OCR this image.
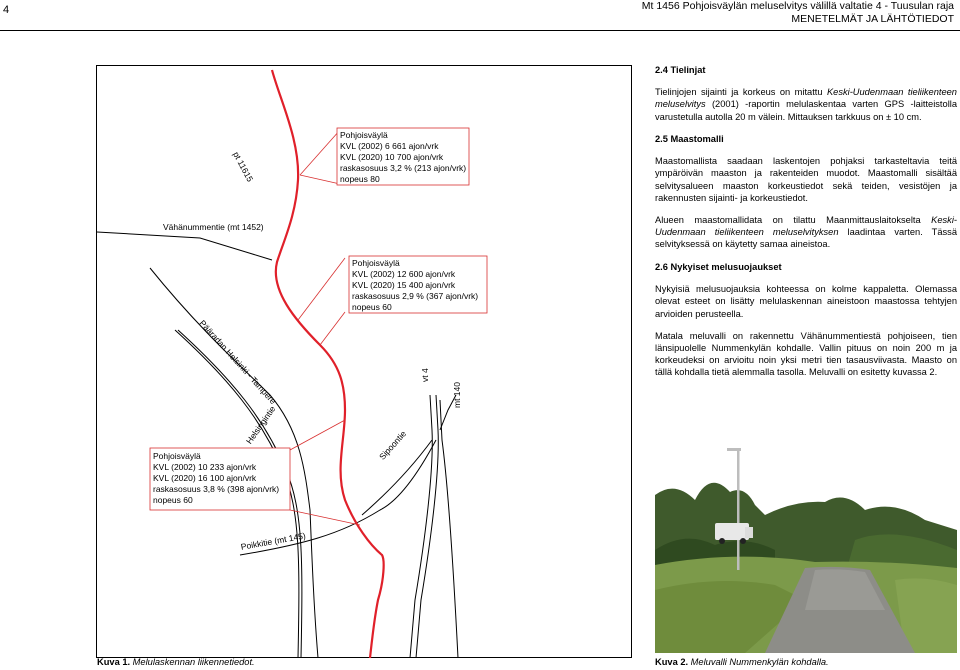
4	Mt 1456 Pohjoisväylän meluselvitys välillä valtatie 4 - Tuusulan raja
MENETELMÄT JA LÄHTÖTIEDOT
pt 11615
Vähänummentie (mt 1452)
Pääradan Helsinki - Tampere	vt 4
mt 140
Helsingintie	Sipoontie
Poikkitie (mt 145)
Pohjoisväylä
KVL (2002) 6 661 ajon/vrk
KVL (2020) 10 700 ajon/vrk
raskasosuus 3,2 % (213 ajon/vrk)
nopeus 80
Pohjoisväylä
KVL (2002) 12 600 ajon/vrk
KVL (2020) 15 400 ajon/vrk
raskasosuus 2,9 % (367 ajon/vrk)
nopeus 60
Pohjoisväylä
KVL (2002) 10 233 ajon/vrk
KVL (2020) 16 100 ajon/vrk
raskasosuus 3,8 % (398 ajon/vrk)
nopeus 60
Kuva 1. Melulaskennan liikennetiedot.

2.4 Tielinjat

Tielinjojen sijainti ja korkeus on mitattu Keski-Uudenmaan tieliikenteen meluselvitys (2001) -raportin melulaskentaa varten GPS -laitteistolla varustetulla autolla 20 m välein. Mittauksen tarkkuus on ± 10 cm.

2.5 Maastomalli

Maastomallista saadaan laskentojen pohjaksi tarkasteltavia teitä ympäröivän maaston ja rakenteiden muodot. Maastomalli sisältää selvitysalueen maaston korkeustiedot sekä teiden, vesistöjen ja rakennusten sijainti- ja korkeustiedot.

Alueen maastomallidata on tilattu Maanmittauslaitokselta Keski-Uudenmaan tieliikenteen meluselvityksen laadintaa varten. Tässä selvityksessä on käytetty samaa aineistoa.

2.6 Nykyiset melusuojaukset

Nykyisiä melusuojauksia kohteessa on kolme kappaletta. Olemassa olevat esteet on lisätty melulaskennan aineistoon maastossa tehtyjen arvioiden perusteella.

Matala meluvalli on rakennettu Vähänummentiestä pohjoiseen, tien länsipuolelle Nummenkylän kohdalle. Vallin pituus on noin 200 m ja korkeudeksi on arvioitu noin yksi metri tien tasausviivasta. Maasto on tällä kohdalla tietä alemmalla tasolla. Meluvalli on esitetty kuvassa 2.

Kuva 2. Meluvalli Nummenkylän kohdalla.
